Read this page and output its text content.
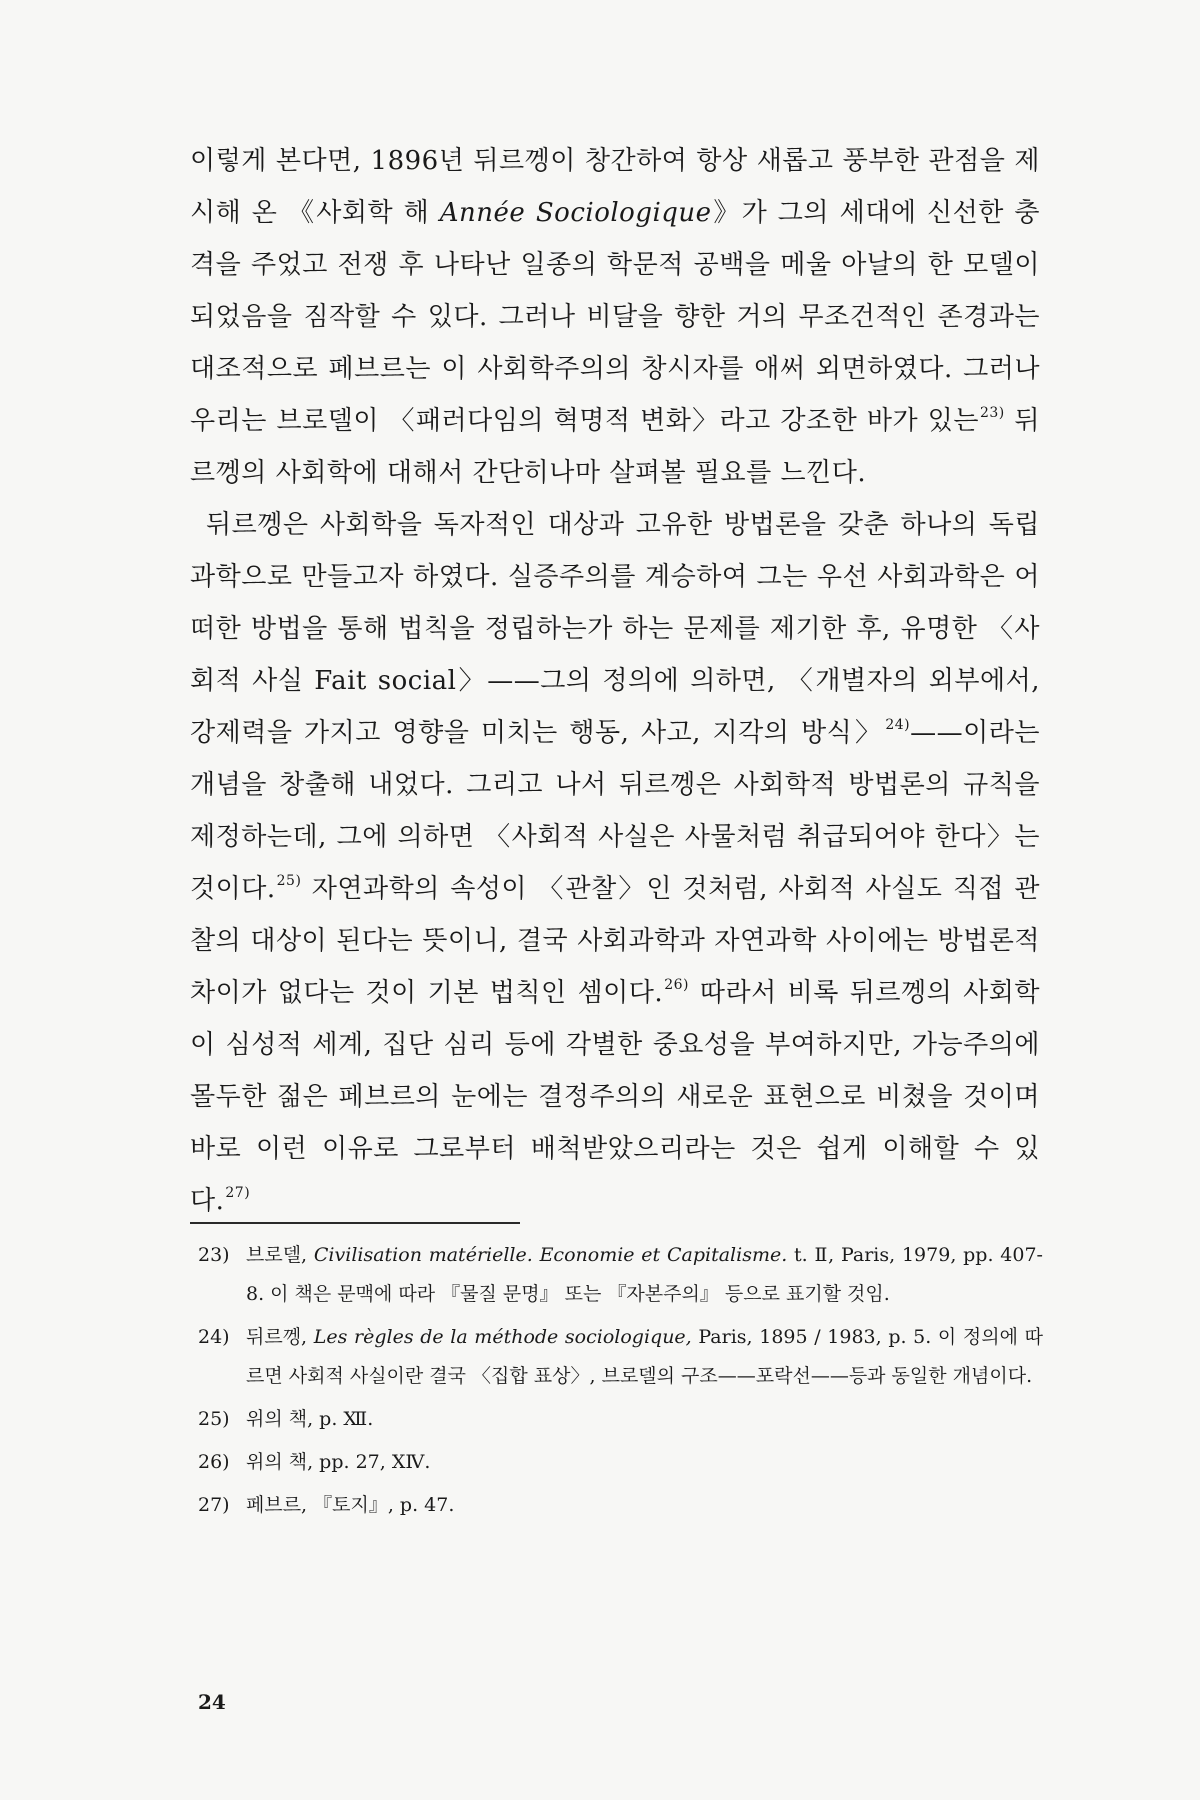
이렇게 본다면, 1896년 뒤르껭이 창간하여 항상 새롭고 풍부한 관점을 제시해 온 《사회학 해 Année Sociologique》가 그의 세대에 신선한 충격을 주었고 전쟁 후 나타난 일종의 학문적 공백을 메울 아날의 한 모델이 되었음을 짐작할 수 있다. 그러나 비달을 향한 거의 무조건적인 존경과는 대조적으로 페브르는 이 사회학주의의 창시자를 애써 외면하였다. 그러나 우리는 브로델이 〈패러다임의 혁명적 변화〉라고 강조한 바가 있는$^{23)}$ 뒤르껭의 사회학에 대해서 간단히나마 살펴볼 필요를 느낀다.

뒤르껭은 사회학을 독자적인 대상과 고유한 방법론을 갖춘 하나의 독립 과학으로 만들고자 하였다. 실증주의를 계승하여 그는 우선 사회과학은 어떠한 방법을 통해 법칙을 정립하는가 하는 문제를 제기한 후, 유명한 〈사회적 사실 Fait social〉——그의 정의에 의하면, 〈개별자의 외부에서, 강제력을 가지고 영향을 미치는 행동, 사고, 지각의 방식〉$^{24)}$——이라는 개념을 창출해 내었다. 그리고 나서 뒤르껭은 사회학적 방법론의 규칙을 제정하는데, 그에 의하면 〈사회적 사실은 사물처럼 취급되어야 한다〉는 것이다.$^{25)}$ 자연과학의 속성이 〈관찰〉인 것처럼, 사회적 사실도 직접 관찰의 대상이 된다는 뜻이니, 결국 사회과학과 자연과학 사이에는 방법론적 차이가 없다는 것이 기본 법칙인 셈이다.$^{26)}$ 따라서 비록 뒤르껭의 사회학이 심성적 세계, 집단 심리 등에 각별한 중요성을 부여하지만, 가능주의에 몰두한 젊은 페브르의 눈에는 결정주의의 새로운 표현으로 비쳤을 것이며 바로 이런 이유로 그로부터 배척받았으리라는 것은 쉽게 이해할 수 있다.$^{27)}$

23) 브로델, Civilisation matérielle. Economie et Capitalisme. t. Ⅱ, Paris, 1979, pp. 407-8. 이 책은 문맥에 따라 『물질 문명』 또는 『자본주의』 등으로 표기할 것임.
24) 뒤르껭, Les règles de la méthode sociologique, Paris, 1895 / 1983, p. 5. 이 정의에 따르면 사회적 사실이란 결국 〈집합 표상〉, 브로델의 구조——포락선——등과 동일한 개념이다.
25) 위의 책, p. Ⅻ.
26) 위의 책, pp. 27, ⅩⅣ.
27) 페브르, 『토지』, p. 47.
24
